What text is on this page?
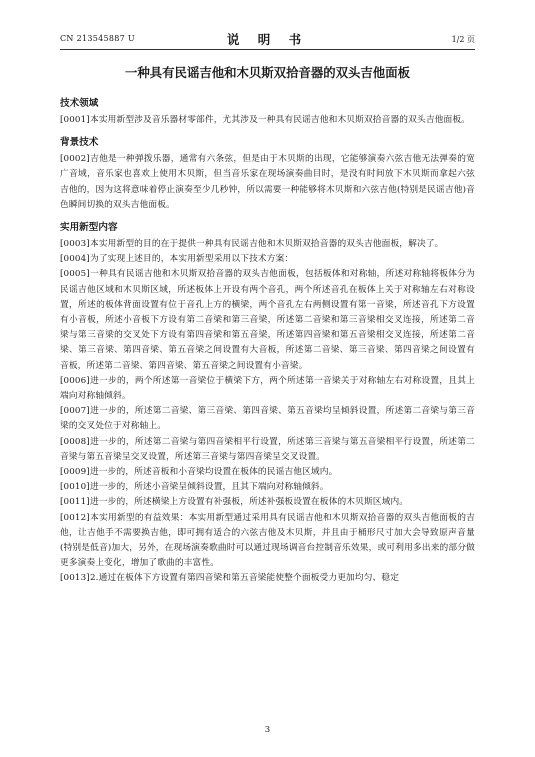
CN 213545887 U	说 明 书	1/2 页
一种具有民谣吉他和木贝斯双拾音器的双头吉他面板

技术领域

[0001]本实用新型涉及音乐器材零部件，尤其涉及一种具有民谣吉他和木贝斯双拾音器的双头吉他面板。

背景技术

[0002]吉他是一种弹拨乐器，通常有六条弦，但是由于木贝斯的出现，它能够演奏六弦吉他无法弹奏的宽广音域，音乐家也喜欢上使用木贝斯，但当音乐家在现场演奏曲目时，是没有时间放下木贝斯而拿起六弦吉他的，因为这将意味着停止演奏至少几秒钟，所以需要一种能够将木贝斯和六弦吉他(特别是民谣吉他)音色瞬间切换的双头吉他面板。

实用新型内容

[0003]本实用新型的目的在于提供一种具有民谣吉他和木贝斯双拾音器的双头吉他面板，解决了。

[0004]为了实现上述目的，本实用新型采用以下技术方案：

[0005]一种具有民谣吉他和木贝斯双拾音器的双头吉他面板，包括板体和对称轴，所述对称轴将板体分为民谣吉他区域和木贝斯区域，所述板体上开设有两个音孔，两个所述音孔在板体上关于对称轴左右对称设置，所述的板体背面设置有位于音孔上方的横梁，两个音孔左右两侧设置有第一音梁，所述音孔下方设置有小音板，所述小音板下方设有第二音梁和第三音梁，所述第二音梁和第三音梁相交叉连接，所述第二音梁与第三音梁的交叉处下方设有第四音梁和第五音梁，所述第四音梁和第五音梁相交叉连接，所述第二音梁、第三音梁、第四音梁、第五音梁之间设置有大音板，所述第二音梁、第三音梁、第四音梁之间设置有音板，所述第二音梁、第四音梁、第五音梁之间设置有小音梁。

[0006]进一步的，两个所述第一音梁位于横梁下方，两个所述第一音梁关于对称轴左右对称设置，且其上端向对称轴倾斜。

[0007]进一步的，所述第二音梁、第三音梁、第四音梁、第五音梁均呈倾斜设置，所述第二音梁与第三音梁的交叉处位于对称轴上。

[0008]进一步的，所述第二音梁与第四音梁相平行设置，所述第三音梁与第五音梁相平行设置，所述第二音梁与第五音梁呈交叉设置，所述第三音梁与第四音梁呈交叉设置。

[0009]进一步的，所述音板和小音梁均设置在板体的民谣吉他区域内。

[0010]进一步的，所述小音梁呈倾斜设置，且其下端向对称轴倾斜。

[0011]进一步的，所述横梁上方设置有补强板，所述补强板设置在板体的木贝斯区域内。

[0012]本实用新型的有益效果：本实用新型通过采用具有民谣吉他和木贝斯双拾音器的双头吉他面板的吉他，让吉他手不需要换吉他，即可拥有适合的六弦吉他及木贝斯，并且由于桶形尺寸加大会导致原声音量(特别是低音)加大，另外，在现场演奏歌曲时可以通过现场调音台控制音乐效果，或可利用多出来的部分做更多演奏上变化，增加了歌曲的丰富性。

[0013]2.通过在板体下方设置有第四音梁和第五音梁能使整个面板受力更加均匀、稳定

3
